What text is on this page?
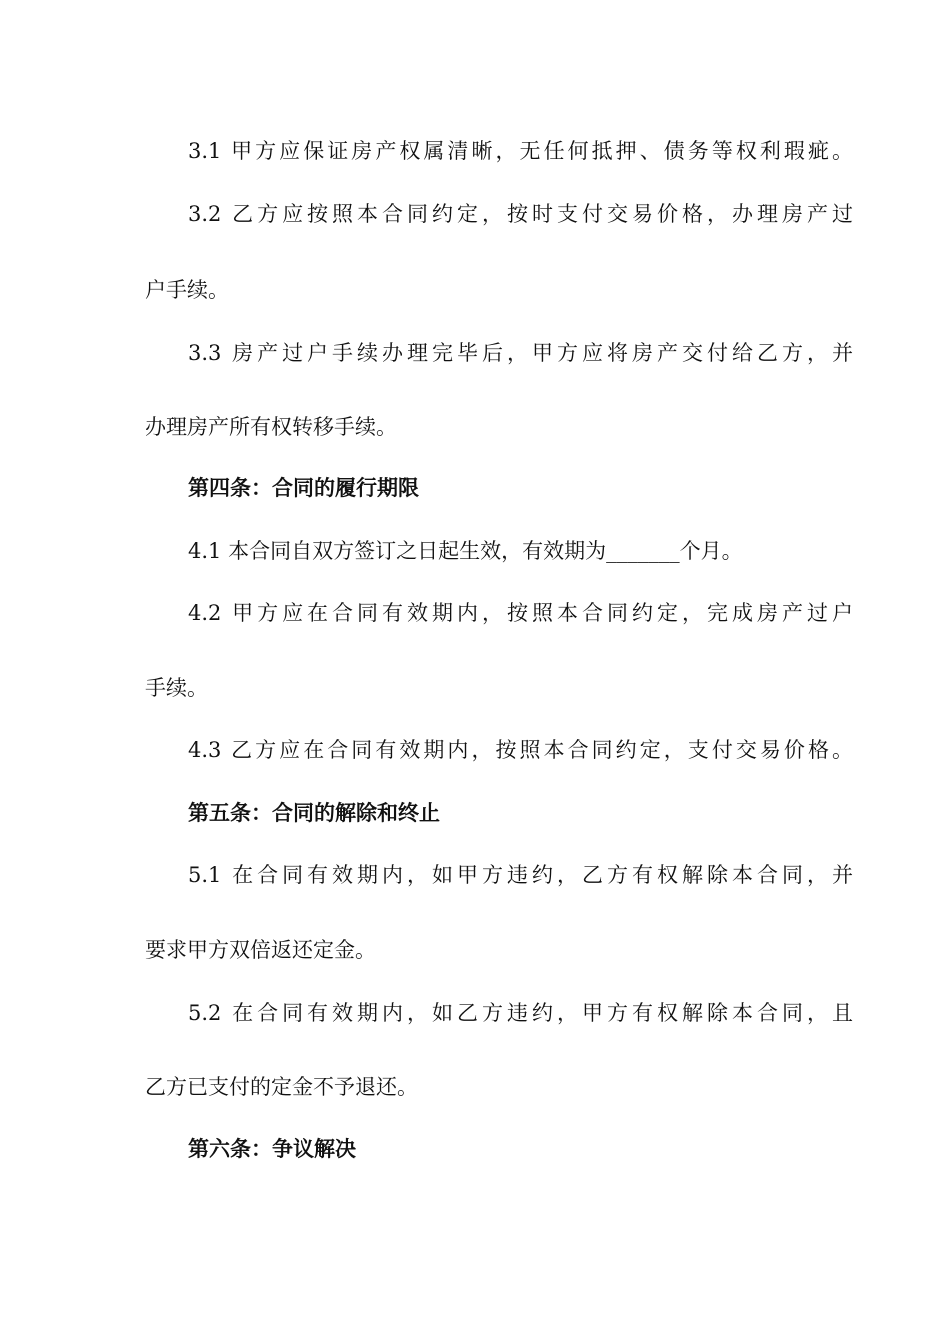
3.1 甲方应保证房产权属清晰，无任何抵押、债务等权利瑕疵。
3.2 乙方应按照本合同约定，按时支付交易价格，办理房产过
户手续。
3.3 房产过户手续办理完毕后，甲方应将房产交付给乙方，并
办理房产所有权转移手续。
第四条：合同的履行期限
4.1 本合同自双方签订之日起生效，有效期为_______个月。
4.2 甲方应在合同有效期内，按照本合同约定，完成房产过户
手续。
4.3 乙方应在合同有效期内，按照本合同约定，支付交易价格。
第五条：合同的解除和终止
5.1 在合同有效期内，如甲方违约，乙方有权解除本合同，并
要求甲方双倍返还定金。
5.2 在合同有效期内，如乙方违约，甲方有权解除本合同，且
乙方已支付的定金不予退还。
第六条：争议解决
